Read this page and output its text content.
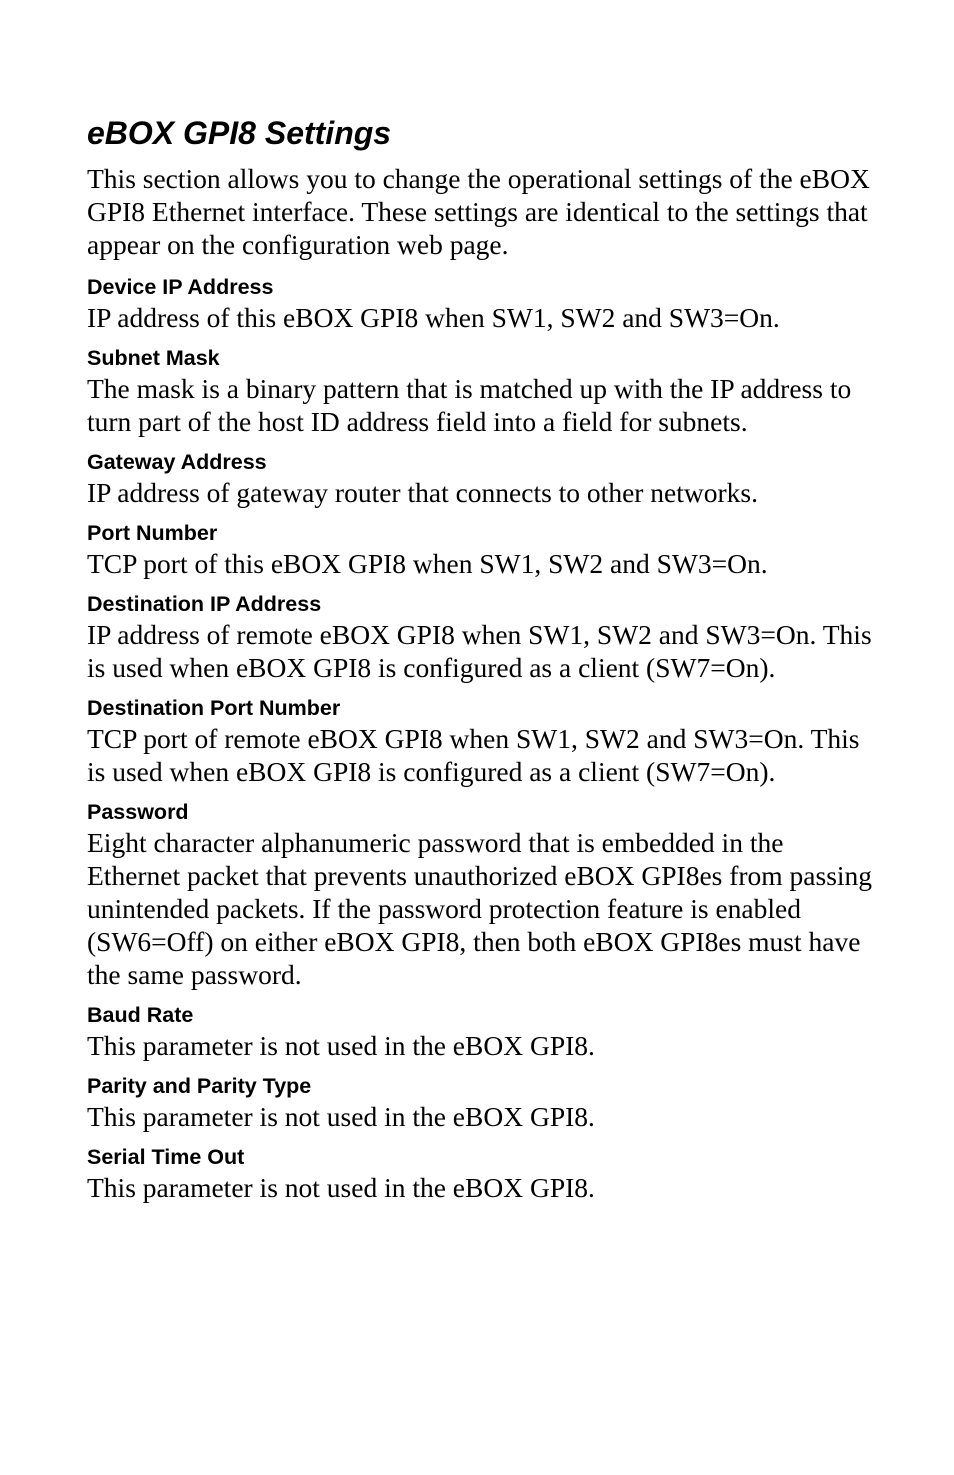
eBOX GPI8 Settings

This section allows you to change the operational settings of the eBOX GPI8 Ethernet interface. These settings are identical to the settings that appear on the configuration web page.

Device IP Address
IP address of this eBOX GPI8 when SW1, SW2 and SW3=On.
Subnet Mask
The mask is a binary pattern that is matched up with the IP address to turn part of the host ID address field into a field for subnets.
Gateway Address
IP address of gateway router that connects to other networks.
Port Number
TCP port of this eBOX GPI8 when SW1, SW2 and SW3=On.
Destination IP Address
IP address of remote eBOX GPI8 when SW1, SW2 and SW3=On. This is used when eBOX GPI8 is configured as a client (SW7=On).
Destination Port Number
TCP port of remote eBOX GPI8 when SW1, SW2 and SW3=On. This is used when eBOX GPI8 is configured as a client (SW7=On).
Password
Eight character alphanumeric password that is embedded in the Ethernet packet that prevents unauthorized eBOX GPI8es from passing unintended packets. If the password protection feature is enabled (SW6=Off) on either eBOX GPI8, then both eBOX GPI8es must have the same password.
Baud Rate
This parameter is not used in the eBOX GPI8.
Parity and Parity Type
This parameter is not used in the eBOX GPI8.
Serial Time Out
This parameter is not used in the eBOX GPI8.
